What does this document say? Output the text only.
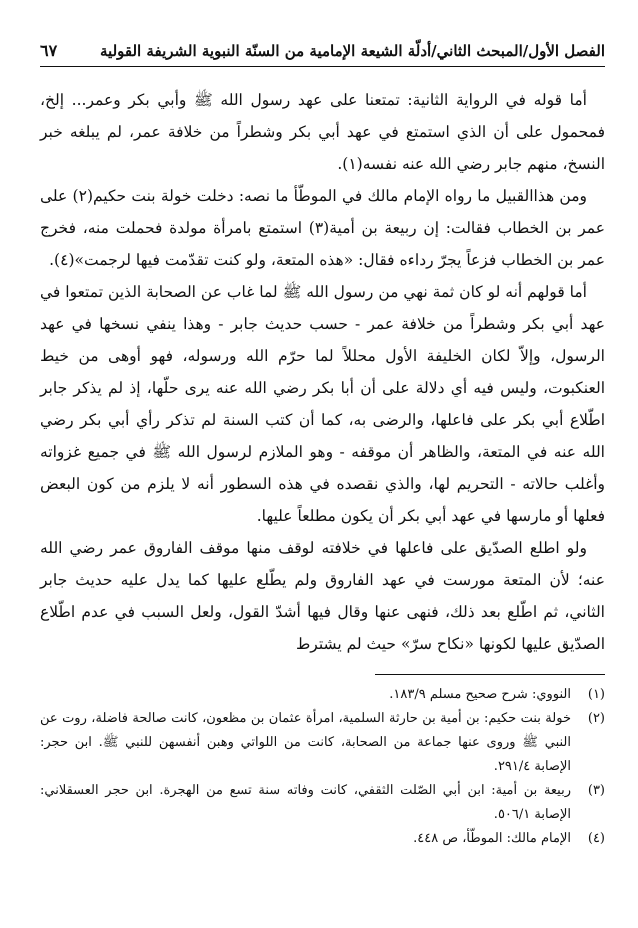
الفصل الأول/المبحث الثاني/أدلّة الشيعة الإمامية من السنّة النبوية الشريفة القولية
٦٧

أما قوله في الرواية الثانية: تمتعنا على عهد رسول الله ﷺ وأبي بكر وعمر... إلخ، فمحمول على أن الذي استمتع في عهد أبي بكر وشطراً من خلافة عمر، لم يبلغه خبر النسخ، منهم جابر رضي الله عنه نفسه(١).

ومن هذاالقبيل ما رواه الإمام مالك في الموطّأ ما نصه: دخلت خولة بنت حكيم(٢) على عمر بن الخطاب فقالت: إن ربيعة بن أمية(٣) استمتع بامرأة مولدة فحملت منه، فخرج عمر بن الخطاب فزعاً يجرّ رداءه فقال: «هذه المتعة، ولو كنت تقدّمت فيها لرجمت»(٤).

أما قولهم أنه لو كان ثمة نهي من رسول الله ﷺ لما غاب عن الصحابة الذين تمتعوا في عهد أبي بكر وشطراً من خلافة عمر - حسب حديث جابر - وهذا ينفي نسخها في عهد الرسول، وإلاّ لكان الخليفة الأول محللاً لما حرّم الله ورسوله، فهو أوهى من خيط العنكبوت، وليس فيه أي دلالة على أن أبا بكر رضي الله عنه يرى حلّها، إذ لم يذكر جابر اطّلاع أبي بكر على فاعلها، والرضى به، كما أن كتب السنة لم تذكر رأي أبي بكر رضي الله عنه في المتعة، والظاهر أن موقفه - وهو الملازم لرسول الله ﷺ في جميع غزواته وأغلب حالاته - التحريم لها، والذي نقصده في هذه السطور أنه لا يلزم من كون البعض فعلها أو مارسها في عهد أبي بكر أن يكون مطلعاً عليها.

ولو اطلع الصدّيق على فاعلها في خلافته لوقف منها موقف الفاروق عمر رضي الله عنه؛ لأن المتعة مورست في عهد الفاروق ولم يطّلع عليها كما يدل عليه حديث جابر الثاني، ثم اطّلع بعد ذلك، فنهى عنها وقال فيها أشدّ القول، ولعل السبب في عدم اطّلاع الصدّيق عليها لكونها «نكاح سرّ» حيث لم يشترط

(١)
النووي: شرح صحيح مسلم ١٨٣/٩.
(٢)
خولة بنت حكيم: بن أمية بن حارثة السلمية، امرأة عثمان بن مظعون، كانت صالحة فاضلة، روت عن النبي ﷺ وروى عنها جماعة من الصحابة، كانت من اللواتي وهبن أنفسهن للنبي ﷺ. ابن حجر: الإصابة ٢٩١/٤.
(٣)
ربيعة بن أمية: ابن أبي الصّلت الثقفي، كانت وفاته سنة تسع من الهجرة. ابن حجر العسقلاني: الإصابة ٥٠٦/١.
(٤)
الإمام مالك: الموطّأ، ص ٤٤٨.
